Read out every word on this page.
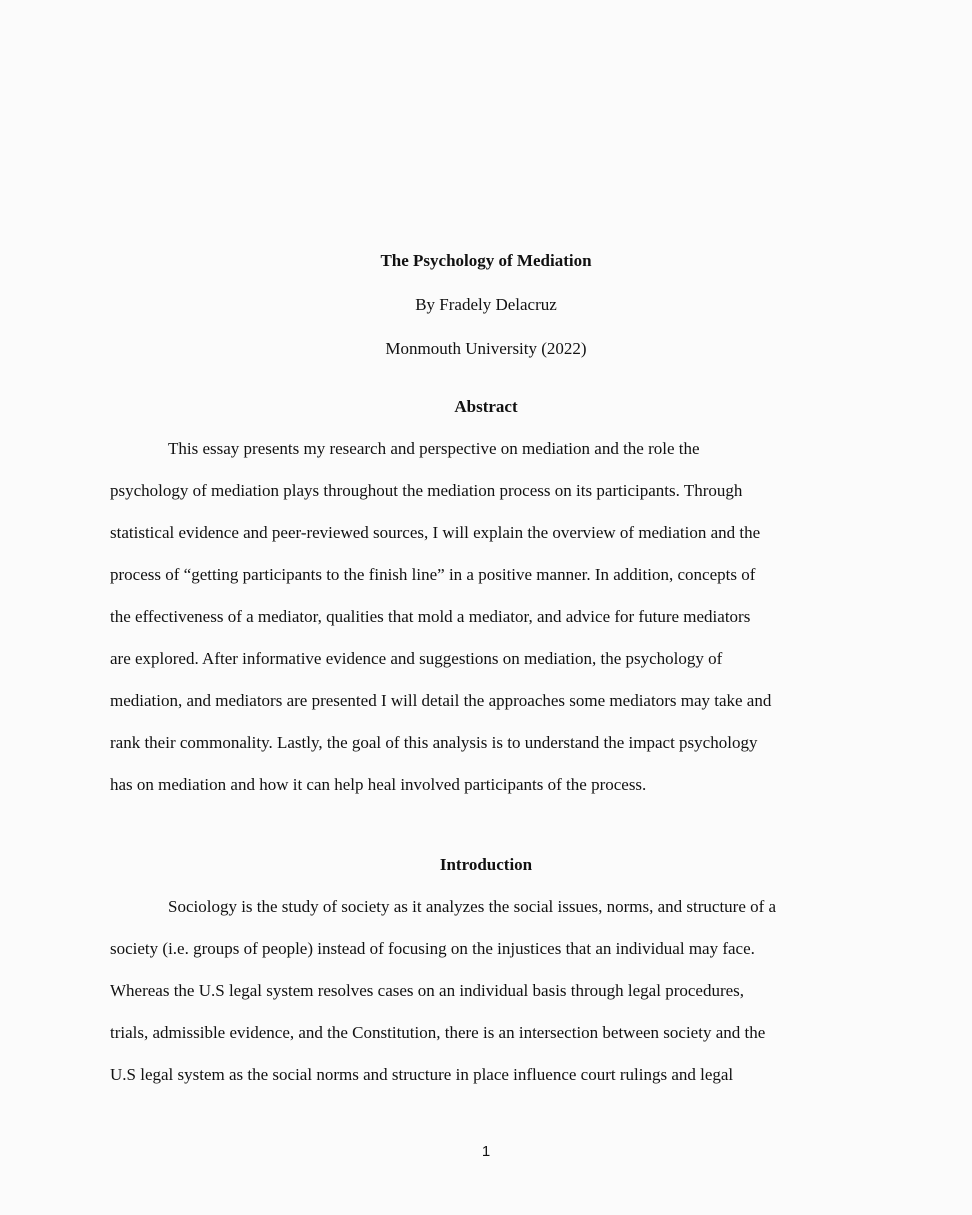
The Psychology of Mediation
By Fradely Delacruz
Monmouth University (2022)
Abstract
This essay presents my research and perspective on mediation and the role the
psychology of mediation plays throughout the mediation process on its participants. Through
statistical evidence and peer-reviewed sources, I will explain the overview of mediation and the
process of “getting participants to the finish line” in a positive manner. In addition, concepts of
the effectiveness of a mediator, qualities that mold a mediator, and advice for future mediators
are explored. After informative evidence and suggestions on mediation, the psychology of
mediation, and mediators are presented I will detail the approaches some mediators may take and
rank their commonality. Lastly, the goal of this analysis is to understand the impact psychology
has on mediation and how it can help heal involved participants of the process.
Introduction
Sociology is the study of society as it analyzes the social issues, norms, and structure of a
society (i.e. groups of people) instead of focusing on the injustices that an individual may face.
Whereas the U.S legal system resolves cases on an individual basis through legal procedures,
trials, admissible evidence, and the Constitution, there is an intersection between society and the
U.S legal system as the social norms and structure in place influence court rulings and legal
1
